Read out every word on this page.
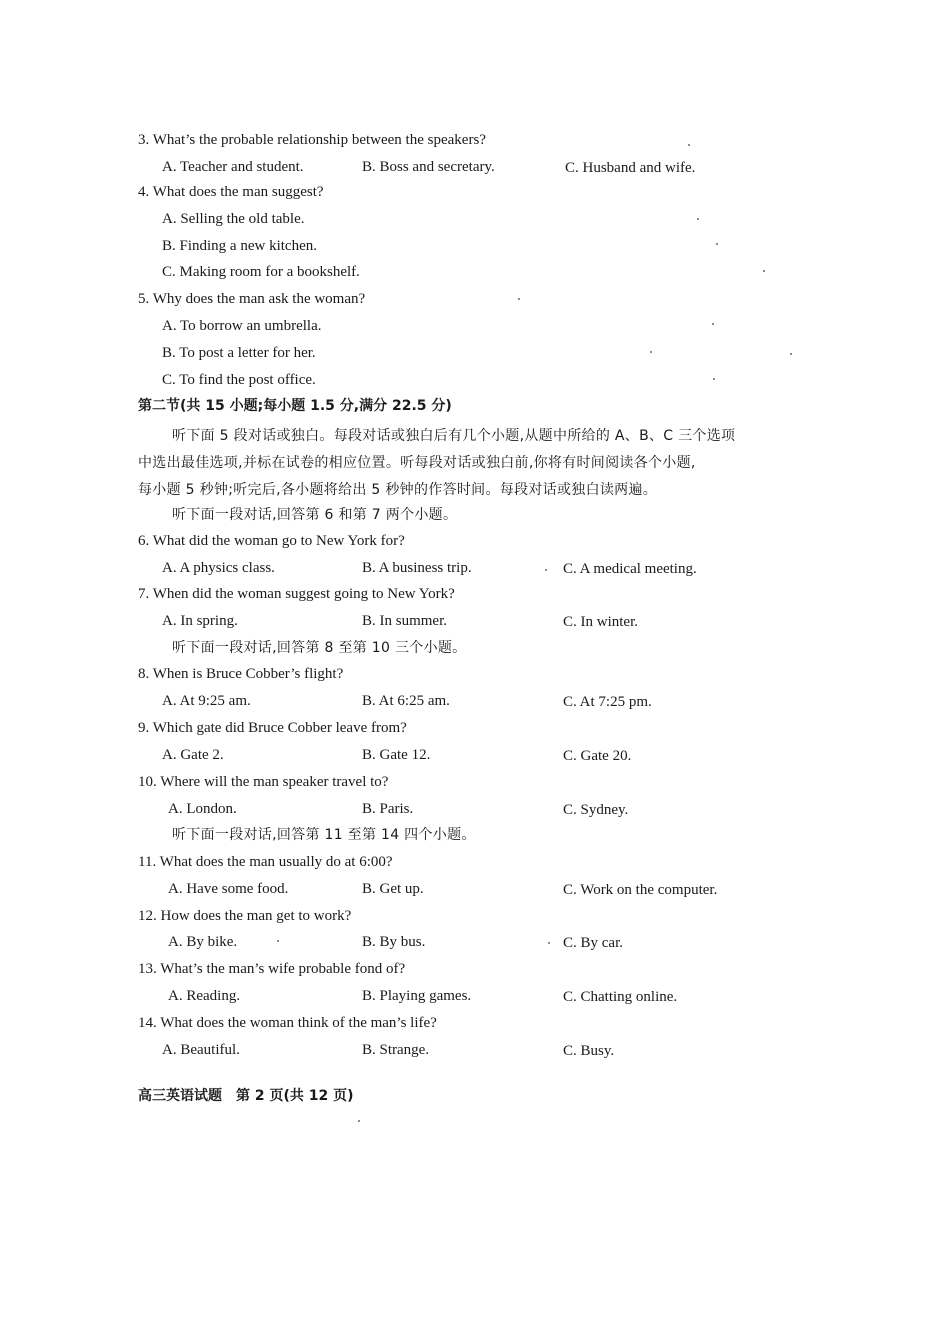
3. What’s the probable relationship between the speakers?
A. Teacher and student.	B. Boss and secretary.	C. Husband and wife.
4. What does the man suggest?
A. Selling the old table.
B. Finding a new kitchen.
C. Making room for a bookshelf.
5. Why does the man ask the woman?
A. To borrow an umbrella.
B. To post a letter for her.
C. To find the post office.
第二节(共 15 小题;每小题 1.5 分,满分 22.5 分)
听下面 5 段对话或独白。每段对话或独白后有几个小题,从题中所给的 A、B、C 三个选项
中选出最佳选项,并标在试卷的相应位置。听每段对话或独白前,你将有时间阅读各个小题,
每小题 5 秒钟;听完后,各小题将给出 5 秒钟的作答时间。每段对话或独白读两遍。
听下面一段对话,回答第 6 和第 7 两个小题。
6. What did the woman go to New York for?
A. A physics class.	B. A business trip.	C. A medical meeting.
7. When did the woman suggest going to New York?
A. In spring.	B. In summer.	C. In winter.
听下面一段对话,回答第 8 至第 10 三个小题。
8. When is Bruce Cobber’s flight?
A. At 9:25 am.	B. At 6:25 am.	C. At 7:25 pm.
9. Which gate did Bruce Cobber leave from?
A. Gate 2.	B. Gate 12.	C. Gate 20.
10. Where will the man speaker travel to?
A. London.	B. Paris.	C. Sydney.
听下面一段对话,回答第 11 至第 14 四个小题。
11. What does the man usually do at 6:00?
A. Have some food.	B. Get up.	C. Work on the computer.
12. How does the man get to work?
A. By bike.	B. By bus.	C. By car.
13. What’s the man’s wife probable fond of?
A. Reading.	B. Playing games.	C. Chatting online.
14. What does the woman think of the man’s life?
A. Beautiful.	B. Strange.	C. Busy.
高三英语试题　第 2 页(共 12 页)
